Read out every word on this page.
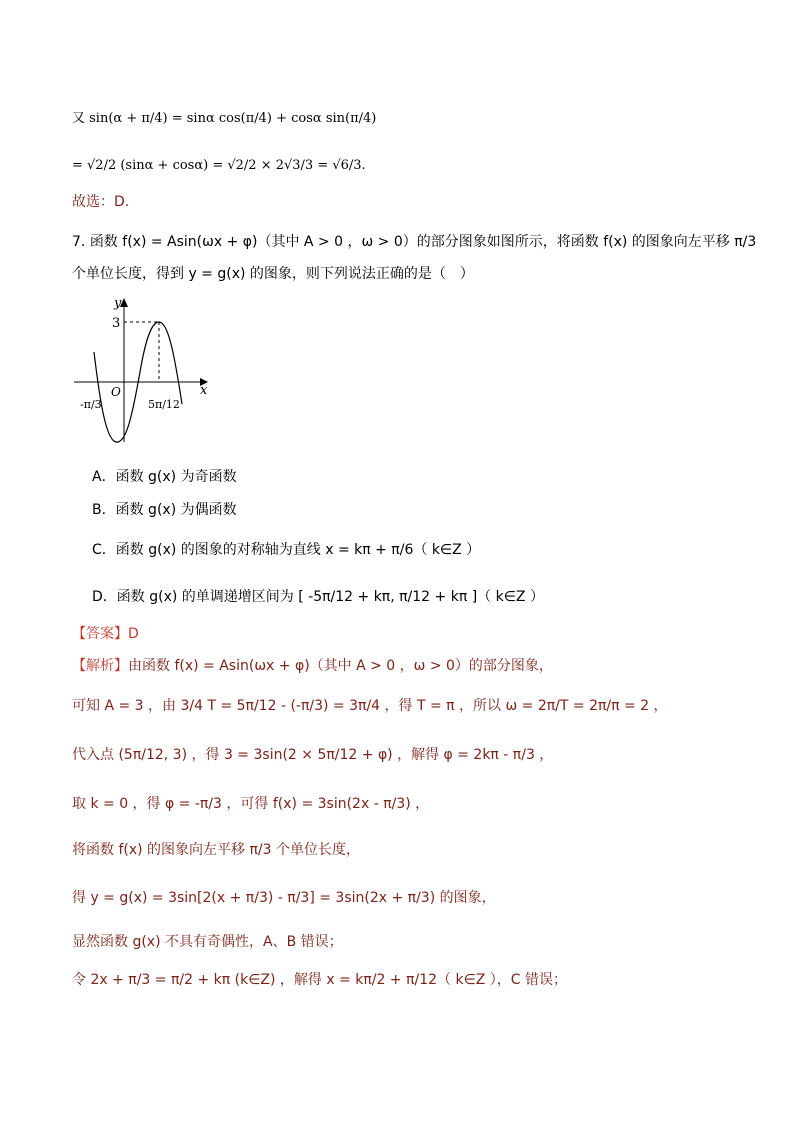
又 sin(α + π/4) = sinα cos(π/4) + cosα sin(π/4)
= √2/2 (sinα + cosα) = √2/2 × 2√3/3 = √6/3.
故选：D.
7. 函数 f(x) = Asin(ωx + φ)（其中 A > 0 ，ω > 0）的部分图象如图所示，将函数 f(x) 的图象向左平移 π/3
个单位长度，得到 y = g(x) 的图象，则下列说法正确的是（　）
y
x
O
3
-π/3	5π/12
A．函数 g(x) 为奇函数
B．函数 g(x) 为偶函数
C．函数 g(x) 的图象的对称轴为直线 x = kπ + π/6（ k∈Z ）
D．函数 g(x) 的单调递增区间为 [ -5π/12 + kπ, π/12 + kπ ]（ k∈Z ）
【答案】D
【解析】由函数 f(x) = Asin(ωx + φ)（其中 A > 0 ，ω > 0）的部分图象，
可知 A = 3 ，由 3/4 T = 5π/12 - (-π/3) = 3π/4 ，得 T = π ，所以 ω = 2π/T = 2π/π = 2 ，
代入点 (5π/12, 3) ，得 3 = 3sin(2 × 5π/12 + φ) ，解得 φ = 2kπ - π/3 ，
取 k = 0 ，得 φ = -π/3 ，可得 f(x) = 3sin(2x - π/3) ，
将函数 f(x) 的图象向左平移 π/3 个单位长度，
得 y = g(x) = 3sin[2(x + π/3) - π/3] = 3sin(2x + π/3) 的图象，
显然函数 g(x) 不具有奇偶性，A、B 错误；
令 2x + π/3 = π/2 + kπ (k∈Z) ，解得 x = kπ/2 + π/12（ k∈Z ），C 错误；
